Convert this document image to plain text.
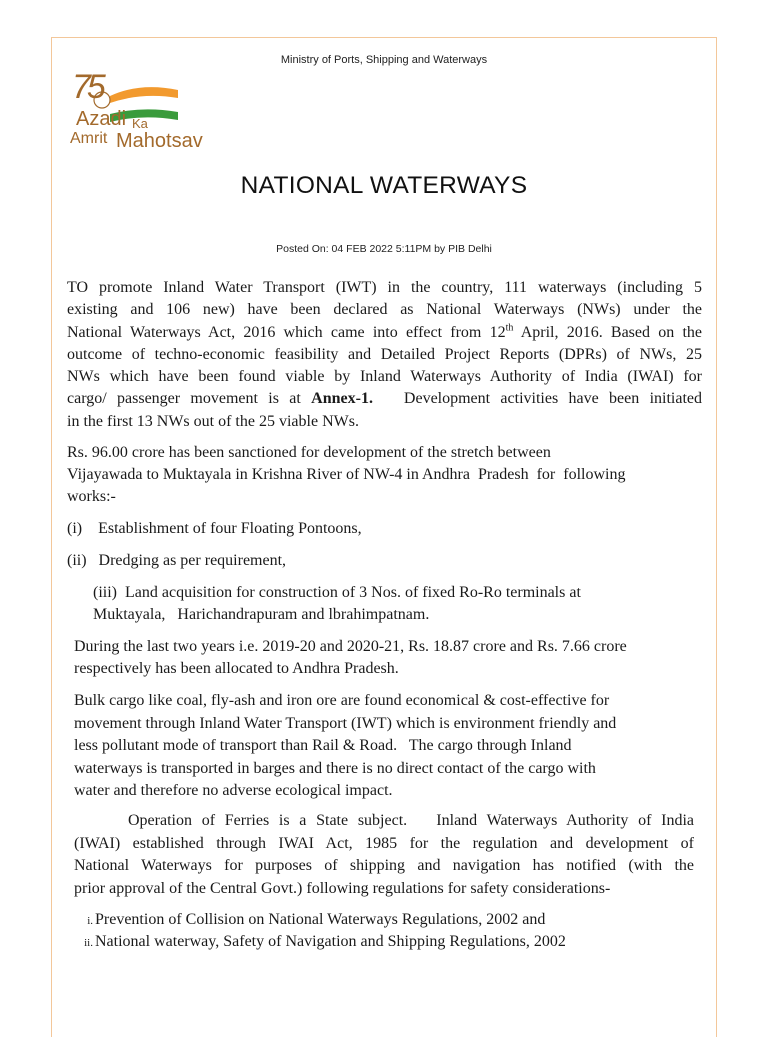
Ministry of Ports, Shipping and Waterways
75
Azadi Ka
Amrit Mahotsav
NATIONAL WATERWAYS
Posted On: 04 FEB 2022 5:11PM by PIB Delhi
TO promote Inland Water Transport (IWT) in the country, 111 waterways (including 5
existing and 106 new) have been declared as National Waterways (NWs) under the
National Waterways Act, 2016 which came into effect from 12th April, 2016. Based on the
outcome of techno-economic feasibility and Detailed Project Reports (DPRs) of NWs, 25
NWs which have been found viable by Inland Waterways Authority of India (IWAI) for
cargo/ passenger movement is at Annex-1.   Development activities have been initiated
in the first 13 NWs out of the 25 viable NWs.
Rs. 96.00 crore has been sanctioned for development of the stretch between
Vijayawada to Muktayala in Krishna River of NW-4 in Andhra  Pradesh  for  following
works:-
(i)    Establishment of four Floating Pontoons,
(ii)   Dredging as per requirement,
(iii)  Land acquisition for construction of 3 Nos. of fixed Ro-Ro terminals at
Muktayala,   Harichandrapuram and lbrahimpatnam.
During the last two years i.e. 2019-20 and 2020-21, Rs. 18.87 crore and Rs. 7.66 crore
respectively has been allocated to Andhra Pradesh.
Bulk cargo like coal, fly-ash and iron ore are found economical & cost-effective for
movement through Inland Water Transport (IWT) which is environment friendly and
less pollutant mode of transport than Rail & Road.   The cargo through Inland
waterways is transported in barges and there is no direct contact of the cargo with
water and therefore no adverse ecological impact.
Operation of Ferries is a State subject.   Inland Waterways Authority of India
(IWAI) established through IWAI Act, 1985 for the regulation and development of
National Waterways for purposes of shipping and navigation has notified (with the
prior approval of the Central Govt.) following regulations for safety considerations-
i. Prevention of Collision on National Waterways Regulations, 2002 and
ii. National waterway, Safety of Navigation and Shipping Regulations, 2002
